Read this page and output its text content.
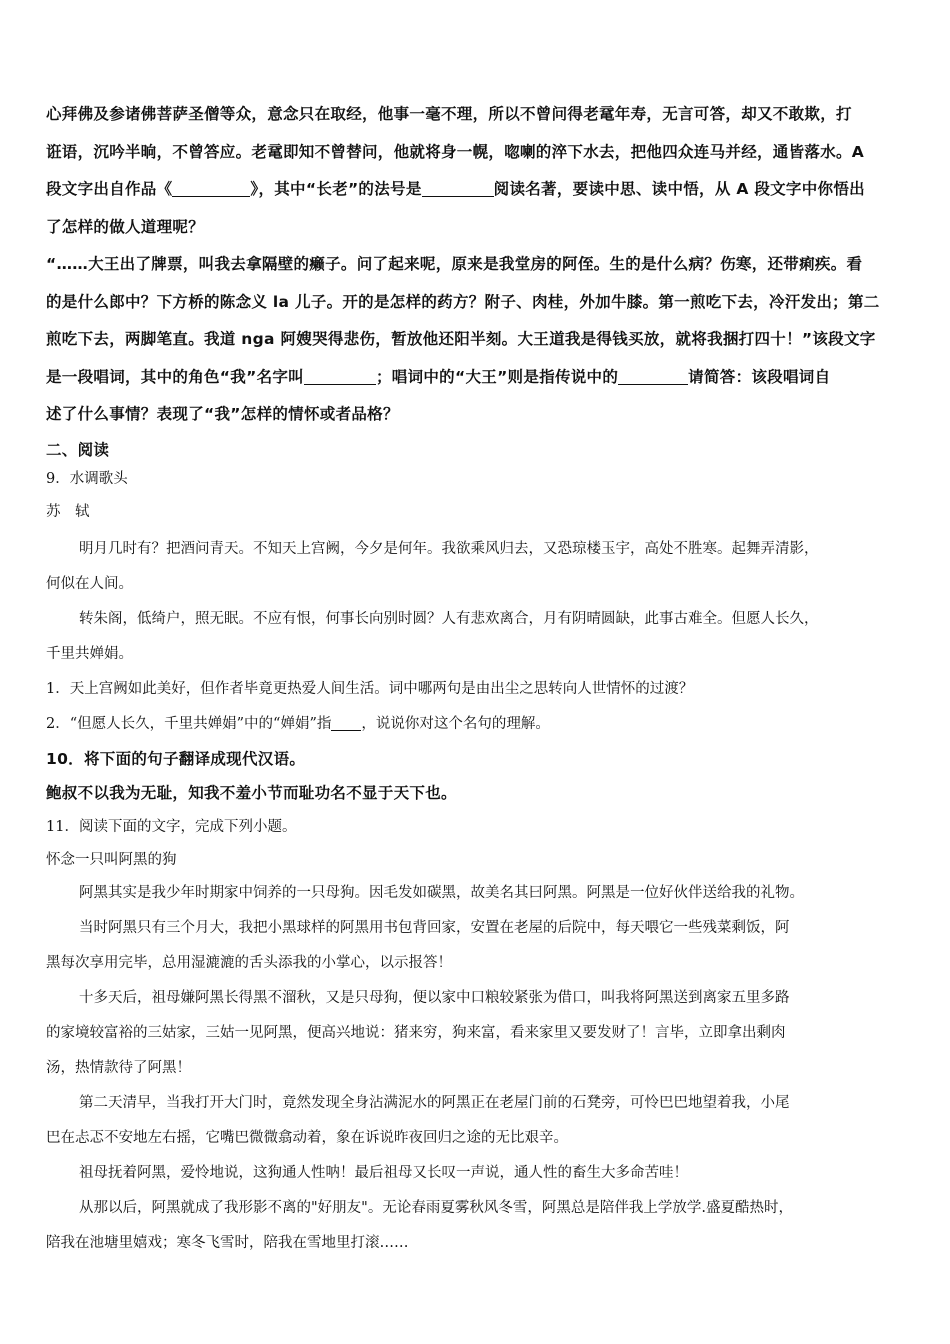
心拜佛及参诸佛菩萨圣僧等众，意念只在取经，他事一毫不理，所以不曾问得老鼋年寿，无言可答，却又不敢欺，打

诳语，沉吟半晌，不曾答应。老鼋即知不曾替问，他就将身一幌，唿喇的淬下水去，把他四众连马并经，通皆落水。A

段文字出自作品《	》，其中“长老”的法号是	阅读名著，要读中思、读中悟，从 A 段文字中你悟出

了怎样的做人道理呢？

“……大王出了牌票，叫我去拿隔壁的癞子。问了起来呢，原来是我堂房的阿侄。生的是什么病？伤寒，还带痢疾。看

的是什么郎中？下方桥的陈念义 la 儿子。开的是怎样的药方？附子、肉桂，外加牛膝。第一煎吃下去，冷汗发出；第二

煎吃下去，两脚笔直。我道 nga 阿嫂哭得悲伤，暂放他还阳半刻。大王道我是得钱买放，就将我捆打四十！”该段文字

是一段唱词，其中的角色“我”名字叫	；唱词中的“大王”则是指传说中的	请简答：该段唱词自

述了什么事情？表现了“我”怎样的情怀或者品格？

二、阅读

9．水调歌头

苏　轼

明月几时有？把酒问青天。不知天上宫阙，今夕是何年。我欲乘风归去，又恐琼楼玉宇，高处不胜寒。起舞弄清影，

何似在人间。

转朱阁，低绮户，照无眠。不应有恨，何事长向别时圆？人有悲欢离合，月有阴晴圆缺，此事古难全。但愿人长久，

千里共婵娟。

1．天上宫阙如此美好，但作者毕竟更热爱人间生活。词中哪两句是由出尘之思转向人世情怀的过渡？

2．“但愿人长久，千里共婵娟”中的“婵娟”指 ，说说你对这个名句的理解。

10．将下面的句子翻译成现代汉语。

鲍叔不以我为无耻，知我不羞小节而耻功名不显于天下也。

11．阅读下面的文字，完成下列小题。

怀念一只叫阿黑的狗

阿黑其实是我少年时期家中饲养的一只母狗。因毛发如碳黑，故美名其曰阿黑。阿黑是一位好伙伴送给我的礼物。

当时阿黑只有三个月大，我把小黑球样的阿黑用书包背回家，安置在老屋的后院中，每天喂它一些残菜剩饭，阿

黑每次享用完毕，总用湿漉漉的舌头添我的小掌心，以示报答！

十多天后，祖母嫌阿黑长得黑不溜秋，又是只母狗，便以家中口粮较紧张为借口，叫我将阿黑送到离家五里多路

的家境较富裕的三姑家，三姑一见阿黑，便高兴地说：猪来穷，狗来富，看来家里又要发财了！言毕，立即拿出剩肉

汤，热情款待了阿黑！

第二天清早，当我打开大门时，竟然发现全身沾满泥水的阿黑正在老屋门前的石凳旁，可怜巴巴地望着我，小尾

巴在忐忑不安地左右摇，它嘴巴微微翕动着，象在诉说昨夜回归之途的无比艰辛。

祖母抚着阿黑，爱怜地说，这狗通人性呐！最后祖母又长叹一声说，通人性的畜生大多命苦哇！

从那以后，阿黑就成了我形影不离的"好朋友"。无论春雨夏雾秋风冬雪，阿黑总是陪伴我上学放学.盛夏酷热时，

陪我在池塘里嬉戏；寒冬飞雪时，陪我在雪地里打滚……
